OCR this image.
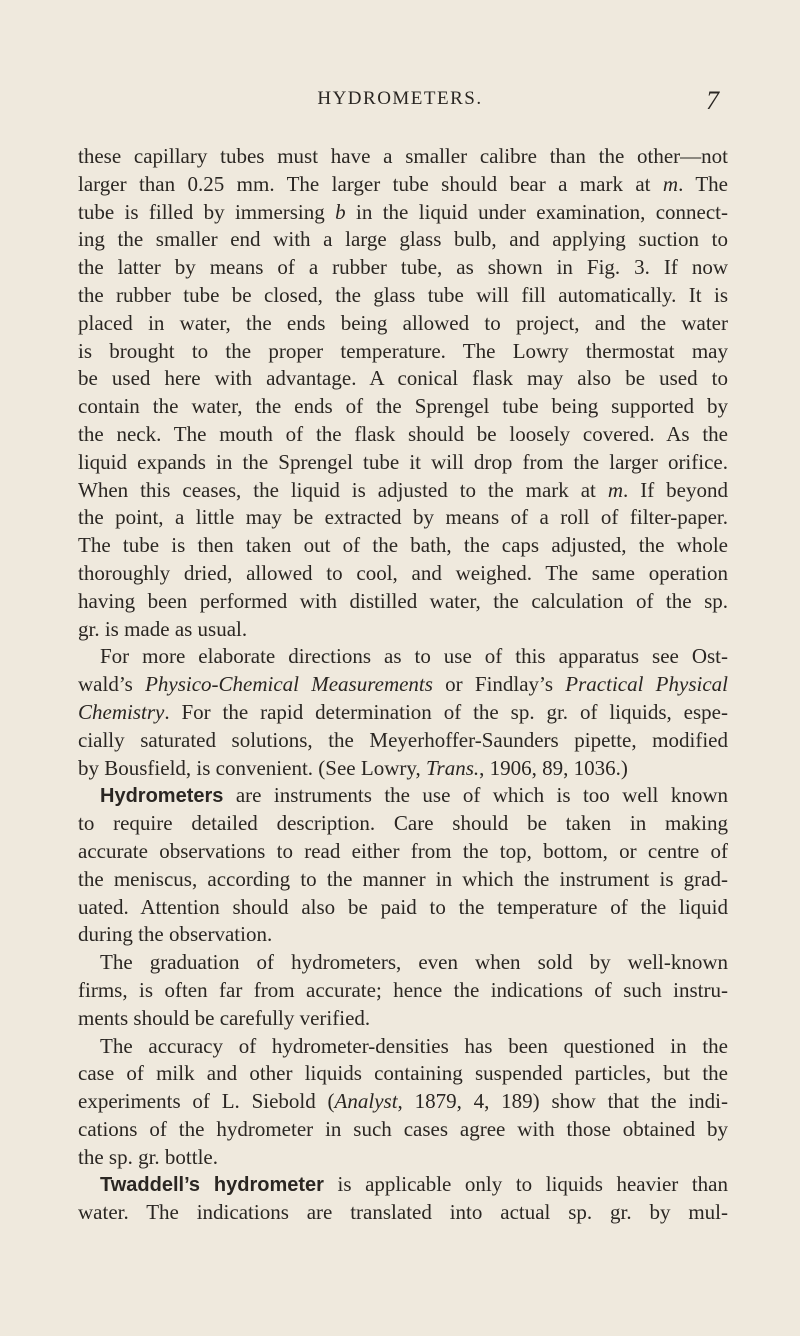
HYDROMETERS.	7
these capillary tubes must have a smaller calibre than the other—not
larger than 0.25 mm. The larger tube should bear a mark at m. The
tube is filled by immersing b in the liquid under examination, connect-
ing the smaller end with a large glass bulb, and applying suction to
the latter by means of a rubber tube, as shown in Fig. 3. If now
the rubber tube be closed, the glass tube will fill automatically. It is
placed in water, the ends being allowed to project, and the water
is brought to the proper temperature. The Lowry thermostat may
be used here with advantage. A conical flask may also be used to
contain the water, the ends of the Sprengel tube being supported by
the neck. The mouth of the flask should be loosely covered. As the
liquid expands in the Sprengel tube it will drop from the larger orifice.
When this ceases, the liquid is adjusted to the mark at m. If beyond
the point, a little may be extracted by means of a roll of filter-paper.
The tube is then taken out of the bath, the caps adjusted, the whole
thoroughly dried, allowed to cool, and weighed. The same operation
having been performed with distilled water, the calculation of the sp.
gr. is made as usual.
For more elaborate directions as to use of this apparatus see Ost-
wald’s Physico-Chemical Measurements or Findlay’s Practical Physical
Chemistry. For the rapid determination of the sp. gr. of liquids, espe-
cially saturated solutions, the Meyerhoffer-Saunders pipette, modified
by Bousfield, is convenient. (See Lowry, Trans., 1906, 89, 1036.)
Hydrometers are instruments the use of which is too well known
to require detailed description. Care should be taken in making
accurate observations to read either from the top, bottom, or centre of
the meniscus, according to the manner in which the instrument is grad-
uated. Attention should also be paid to the temperature of the liquid
during the observation.
The graduation of hydrometers, even when sold by well-known
firms, is often far from accurate; hence the indications of such instru-
ments should be carefully verified.
The accuracy of hydrometer-densities has been questioned in the
case of milk and other liquids containing suspended particles, but the
experiments of L. Siebold (Analyst, 1879, 4, 189) show that the indi-
cations of the hydrometer in such cases agree with those obtained by
the sp. gr. bottle.
Twaddell’s hydrometer is applicable only to liquids heavier than
water. The indications are translated into actual sp. gr. by mul-
